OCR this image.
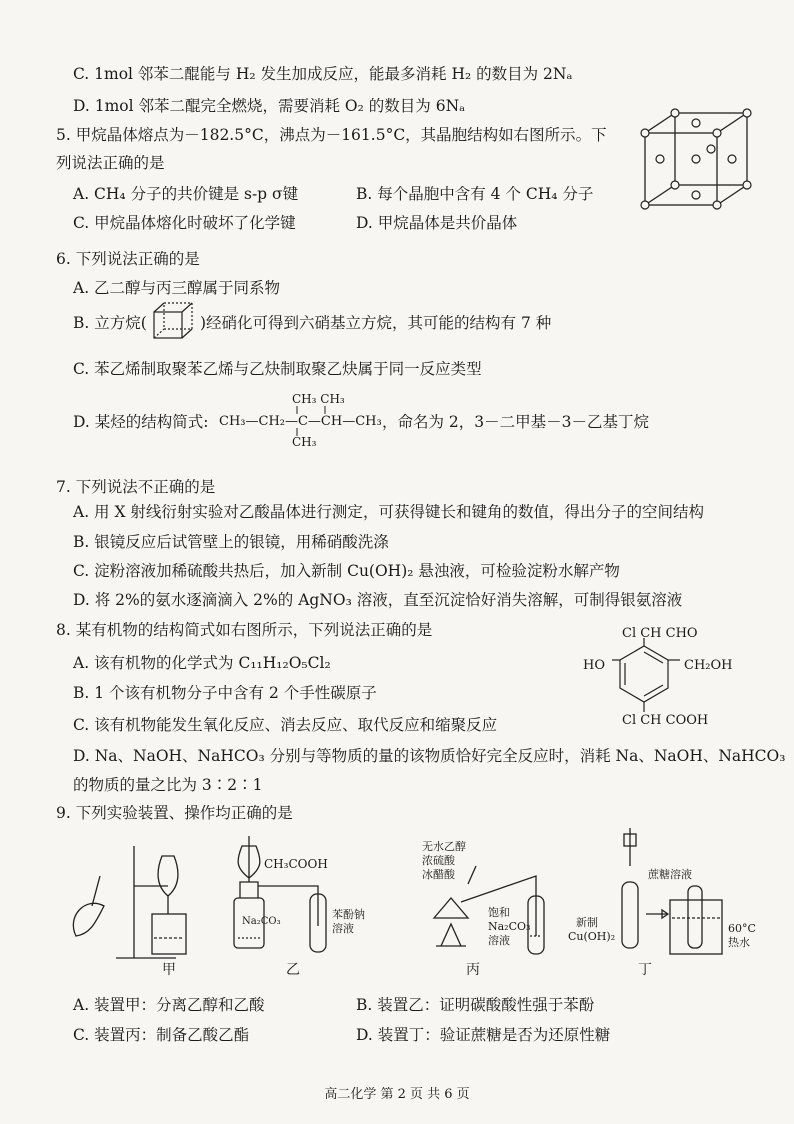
C. 1mol 邻苯二醌能与 H₂ 发生加成反应，能最多消耗 H₂ 的数目为 2Nₐ
D. 1mol 邻苯二醌完全燃烧，需要消耗 O₂ 的数目为 6Nₐ
5. 甲烷晶体熔点为－182.5°C，沸点为－161.5°C，其晶胞结构如右图所示。下
列说法正确的是
A. CH₄ 分子的共价键是 s-p σ键	B. 每个晶胞中含有 4 个 CH₄ 分子
C. 甲烷晶体熔化时破坏了化学键	D. 甲烷晶体是共价晶体
6. 下列说法正确的是
A. 乙二醇与丙三醇属于同系物
B. 立方烷(	)经硝化可得到六硝基立方烷，其可能的结构有 7 种
C. 苯乙烯制取聚苯乙烯与乙炔制取聚乙炔属于同一反应类型
D. 某烃的结构简式:
CH₃ CH₃
CH₃—CH₂—C—CH—CH₃
CH₃
，命名为 2，3－二甲基－3－乙基丁烷
7. 下列说法不正确的是
A. 用 X 射线衍射实验对乙酸晶体进行测定，可获得键长和键角的数值，得出分子的空间结构
B. 银镜反应后试管壁上的银镜，用稀硝酸洗涤
C. 淀粉溶液加稀硫酸共热后，加入新制 Cu(OH)₂ 悬浊液，可检验淀粉水解产物
D. 将 2%的氨水逐滴滴入 2%的 AgNO₃ 溶液，直至沉淀恰好消失溶解，可制得银氨溶液
8. 某有机物的结构简式如右图所示，下列说法正确的是
A. 该有机物的化学式为 C₁₁H₁₂O₅Cl₂
B. 1 个该有机物分子中含有 2 个手性碳原子
C. 该有机物能发生氧化反应、消去反应、取代反应和缩聚反应
D. Na、NaOH、NaHCO₃ 分别与等物质的量的该物质恰好完全反应时，消耗 Na、NaOH、NaHCO₃
的物质的量之比为 3∶2∶1
Cl CH CHO
HO	CH₂OH
Cl CH COOH
9. 下列实验装置、操作均正确的是
甲	乙	丙	丁
CH₃COOH
Na₂CO₃
苯酚钠
溶液
无水乙醇
浓硫酸
冰醋酸
饱和
Na₂CO₃
溶液
蔗糖溶液
新制
Cu(OH)₂
60°C
热水
A. 装置甲：分离乙醇和乙酸	B. 装置乙：证明碳酸酸性强于苯酚
C. 装置丙：制备乙酸乙酯	D. 装置丁：验证蔗糖是否为还原性糖
高二化学 第 2 页 共 6 页
